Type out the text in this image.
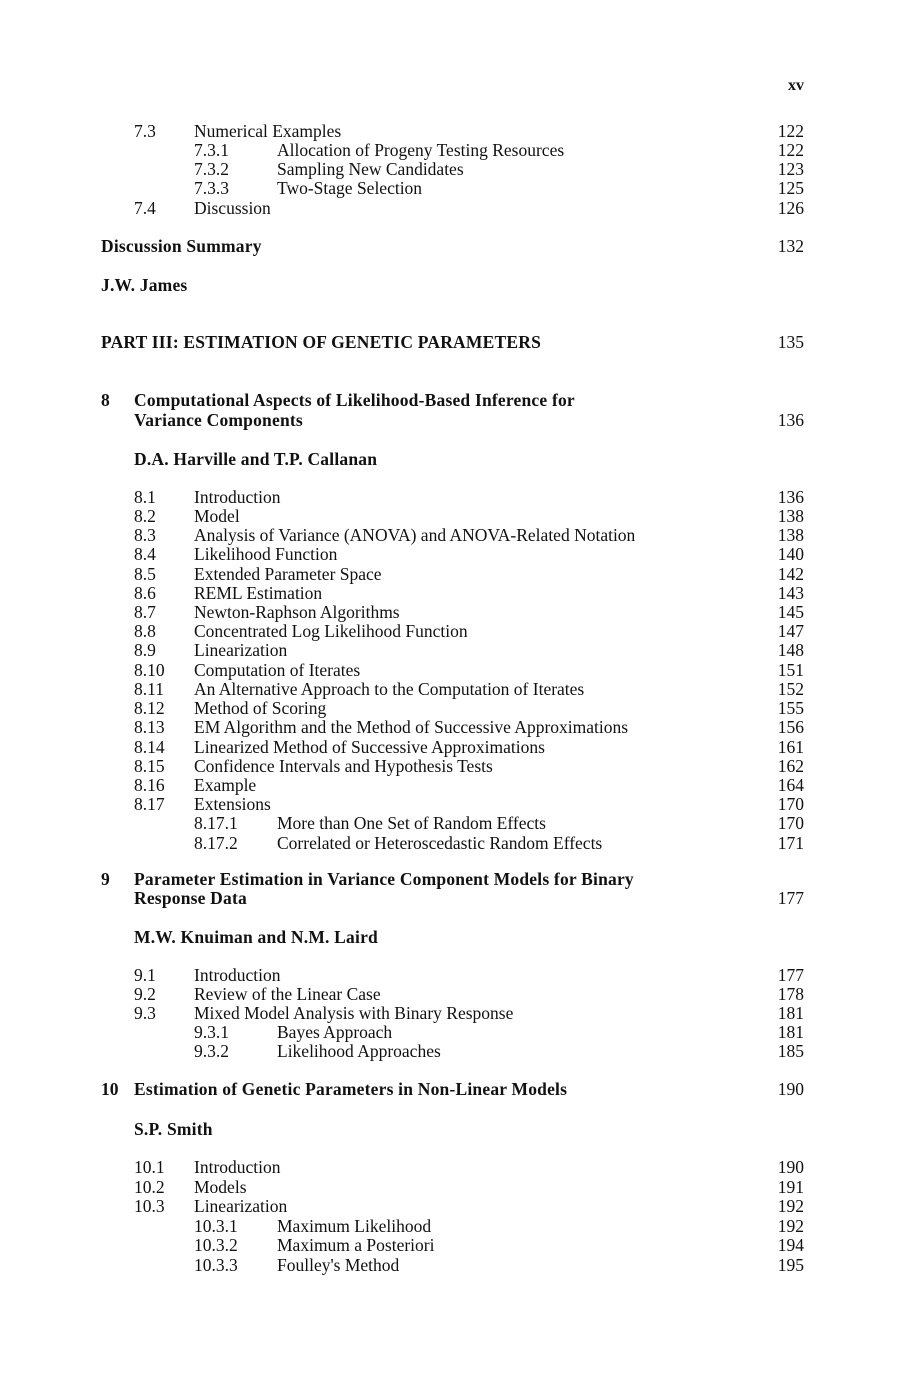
xv
7.3 Numerical Examples	122
7.3.1	Allocation of Progeny Testing Resources	122
7.3.2	Sampling New Candidates	123
7.3.3	Two-Stage Selection	125
7.4 Discussion	126
Discussion Summary	132
J.W. James
PART III: ESTIMATION OF GENETIC PARAMETERS	135
8 Computational Aspects of Likelihood-Based Inference for
Variance Components	136
D.A. Harville and T.P. Callanan
8.1 Introduction	136
8.2 Model	138
8.3 Analysis of Variance (ANOVA) and ANOVA-Related Notation	138
8.4 Likelihood Function	140
8.5 Extended Parameter Space	142
8.6 REML Estimation	143
8.7 Newton-Raphson Algorithms	145
8.8 Concentrated Log Likelihood Function	147
8.9 Linearization	148
8.10 Computation of Iterates	151
8.11 An Alternative Approach to the Computation of Iterates	152
8.12 Method of Scoring	155
8.13 EM Algorithm and the Method of Successive Approximations	156
8.14 Linearized Method of Successive Approximations	161
8.15 Confidence Intervals and Hypothesis Tests	162
8.16 Example	164
8.17 Extensions	170
8.17.1 More than One Set of Random Effects	170
8.17.2 Correlated or Heteroscedastic Random Effects	171
9 Parameter Estimation in Variance Component Models for Binary
Response Data	177
M.W. Knuiman and N.M. Laird
9.1 Introduction	177
9.2 Review of the Linear Case	178
9.3 Mixed Model Analysis with Binary Response	181
9.3.1	Bayes Approach	181
9.3.2	Likelihood Approaches	185
10 Estimation of Genetic Parameters in Non-Linear Models	190
S.P. Smith
10.1 Introduction	190
10.2 Models	191
10.3 Linearization	192
10.3.1 Maximum Likelihood	192
10.3.2 Maximum a Posteriori	194
10.3.3 Foulley's Method	195
